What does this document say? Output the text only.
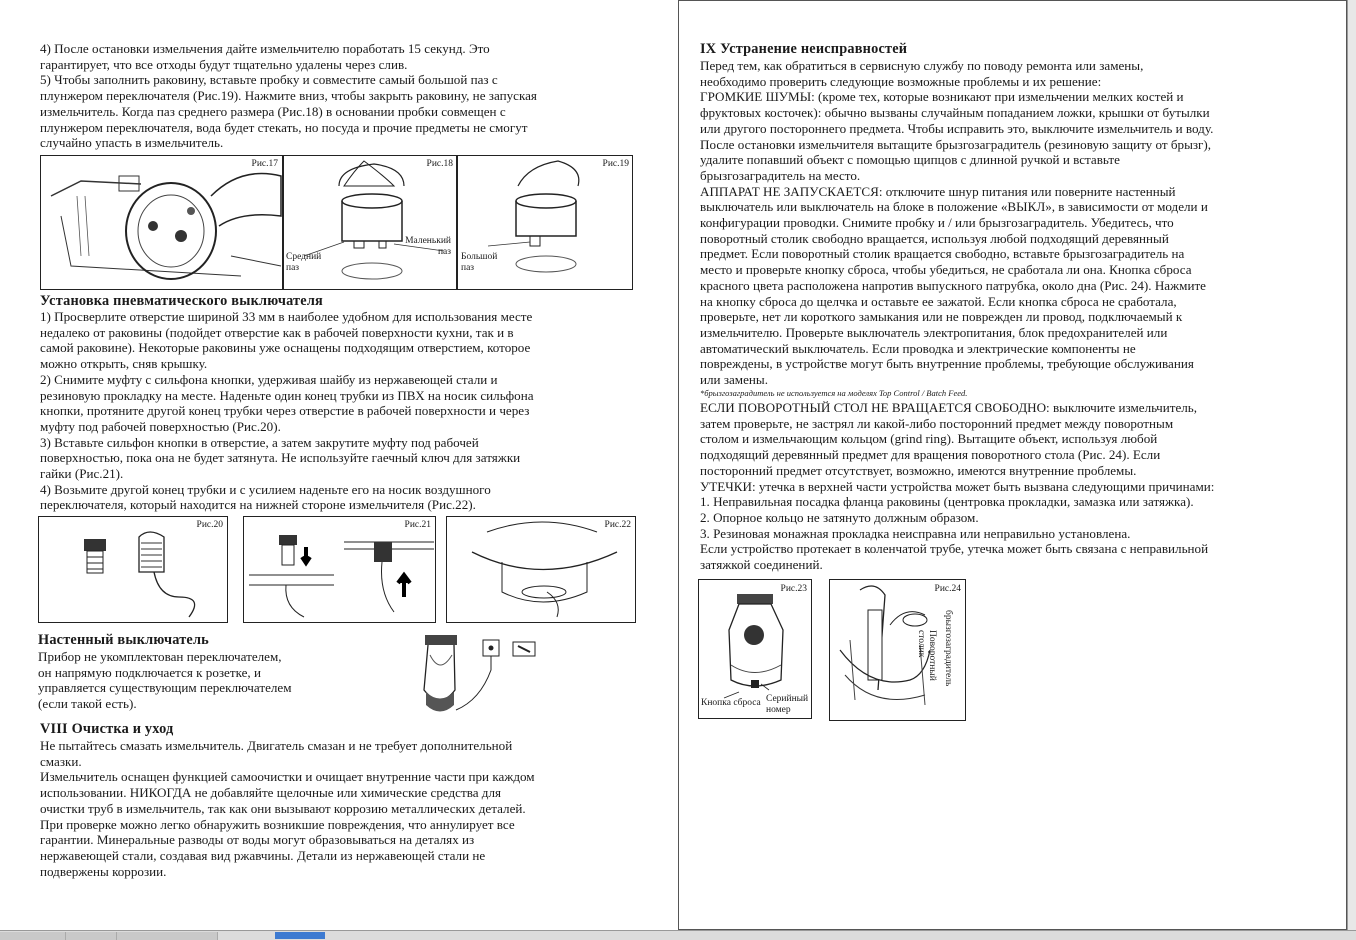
4) После остановки измельчения дайте измельчителю поработать 15 секунд. Это

гарантирует, что все отходы будут тщательно удалены через слив.

5) Чтобы заполнить раковину, вставьте пробку и совместите самый большой паз с

плунжером переключателя (Рис.19). Нажмите вниз, чтобы закрыть раковину, не запуская

измельчитель. Когда паз среднего размера (Рис.18) в основании пробки совмещен с

плунжером переключателя, вода будет стекать, но посуда и прочие предметы не смогут

случайно упасть в измельчитель.

Рис.17	Рис.18
Средний
паз
Маленький
паз
Рис.19
Большой
паз
Установка пневматического выключателя

1) Просверлите отверстие шириной 33 мм в наиболее удобном для использования месте

недалеко от раковины (подойдет отверстие как в рабочей поверхности кухни, так и в

самой раковине). Некоторые раковины уже оснащены подходящим отверстием, которое

можно открыть, сняв крышку.

2) Снимите муфту с сильфона кнопки, удерживая шайбу из нержавеющей стали и

резиновую прокладку на месте. Наденьте один конец трубки из ПВХ на носик сильфона

кнопки, протяните другой конец трубки через отверстие в рабочей поверхности и через

муфту под рабочей поверхностью (Рис.20).

3) Вставьте сильфон кнопки в отверстие, а затем закрутите муфту под рабочей

поверхностью, пока она не будет затянута. Не используйте гаечный ключ для затяжки

гайки (Рис.21).

4) Возьмите другой конец трубки и с усилием наденьте его на носик воздушного

переключателя, который находится на нижней стороне измельчителя (Рис.22).

Рис.20	Рис.21	Рис.22
Настенный выключатель

Прибор не укомплектован переключателем,

он напрямую подключается к розетке, и

управляется существующим переключателем

(если такой есть).

VIII Очистка и уход

Не пытайтесь смазать измельчитель. Двигатель смазан и не требует дополнительной

смазки.

Измельчитель оснащен функцией самоочистки и очищает внутренние части при каждом

использовании. НИКОГДА не добавляйте щелочные или химические средства для

очистки труб в измельчитель, так как они вызывают коррозию металлических деталей.

При проверке можно легко обнаружить возникшие повреждения, что аннулирует все

гарантии. Минеральные разводы от воды могут образовываться на деталях из

нержавеющей стали, создавая вид ржавчины. Детали из нержавеющей стали не

подвержены коррозии.

IX Устранение неисправностей

Перед тем, как обратиться в сервисную службу по поводу ремонта или замены,

необходимо проверить следующие возможные проблемы и их решение:

ГРОМКИЕ ШУМЫ: (кроме тех, которые возникают при измельчении мелких костей и

фруктовых косточек): обычно вызваны случайным попаданием ложки, крышки от бутылки

или другого постороннего предмета. Чтобы исправить это, выключите измельчитель и воду.

После остановки измельчителя вытащите брызгозаградитель (резиновую защиту от брызг),

удалите попавший объект с помощью щипцов с длинной ручкой и вставьте

брызгозаградитель на место.

АППАРАТ НЕ ЗАПУСКАЕТСЯ: отключите шнур питания или поверните настенный

выключатель или выключатель на блоке в положение «ВЫКЛ», в зависимости от модели и

конфигурации проводки. Снимите пробку и / или брызгозаградитель. Убедитесь, что

поворотный столик свободно вращается, используя любой подходящий деревянный

предмет. Если поворотный столик вращается свободно, вставьте брызгозаградитель на

место и проверьте кнопку сброса, чтобы убедиться, не сработала ли она. Кнопка сброса

красного цвета расположена напротив выпускного патрубка, около дна (Рис. 24). Нажмите

на кнопку сброса до щелчка и оставьте ее зажатой. Если кнопка сброса не сработала,

проверьте, нет ли короткого замыкания или не поврежден ли провод, подключаемый к

измельчителю. Проверьте выключатель электропитания, блок предохранителей или

автоматический выключатель. Если проводка и электрические компоненты не

повреждены, в устройстве могут быть внутренние проблемы, требующие обслуживания

или замены.

*брызгозаградитель не используется на моделях Top Control / Batch Feed.

ЕСЛИ ПОВОРОТНЫЙ СТОЛ НЕ ВРАЩАЕТСЯ СВОБОДНО: выключите измельчитель,

затем проверьте, не застрял ли какой-либо посторонний предмет между поворотным

столом и измельчающим кольцом (grind ring). Вытащите объект, используя любой

подходящий деревянный предмет для вращения поворотного стола (Рис. 24). Если

посторонний предмет отсутствует, возможно, имеются внутренние проблемы.

УТЕЧКИ: утечка в верхней части устройства может быть вызвана следующими причинами:

1. Неправильная посадка фланца раковины (центровка прокладки, замазка или затяжка).

2. Опорное кольцо не затянуто должным образом.

3. Резиновая монажная прокладка неисправна или неправильно установлена.

Если устройство протекает в коленчатой трубе, утечка может быть связана с неправильной

затяжкой соединений.

Рис.23
Кнопка сброса Серийный
номер
Рис.24
брызгозаградитель
Поворотный
столик
